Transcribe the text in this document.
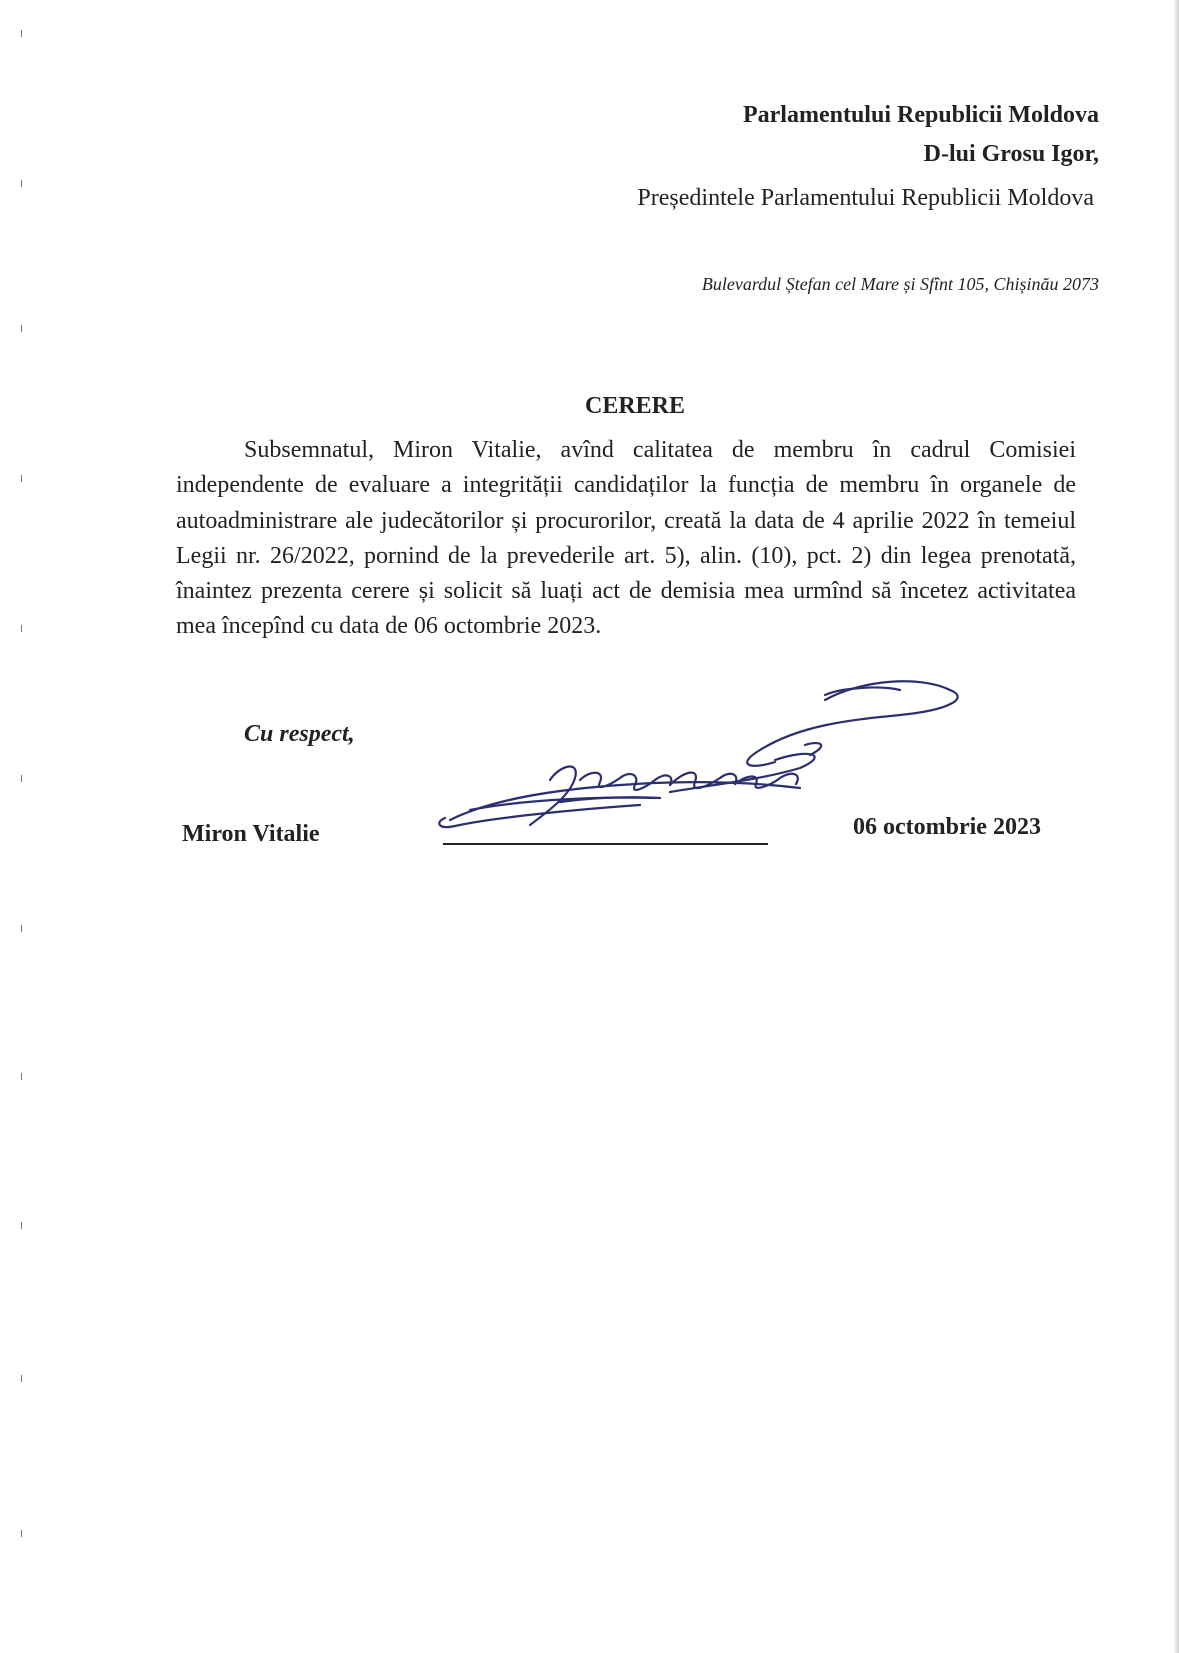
Parlamentului Republicii Moldova
D-lui Grosu Igor,
Președintele Parlamentului Republicii Moldova
Bulevardul Ștefan cel Mare și Sfînt 105, Chișinău 2073
CERERE
Subsemnatul, Miron Vitalie, avînd calitatea de membru în cadrul Comisiei independente de evaluare a integrității candidaților la funcția de membru în organele de autoadministrare ale judecătorilor și procurorilor, creată la data de 4 aprilie 2022 în temeiul Legii nr. 26/2022, pornind de la prevederile art. 5), alin. (10), pct. 2) din legea prenotată, înaintez prezenta cerere și solicit să luați act de demisia mea urmînd să încetez activitatea mea începînd cu data de 06 octombrie 2023.
Cu respect,
Miron Vitalie	06 octombrie 2023
